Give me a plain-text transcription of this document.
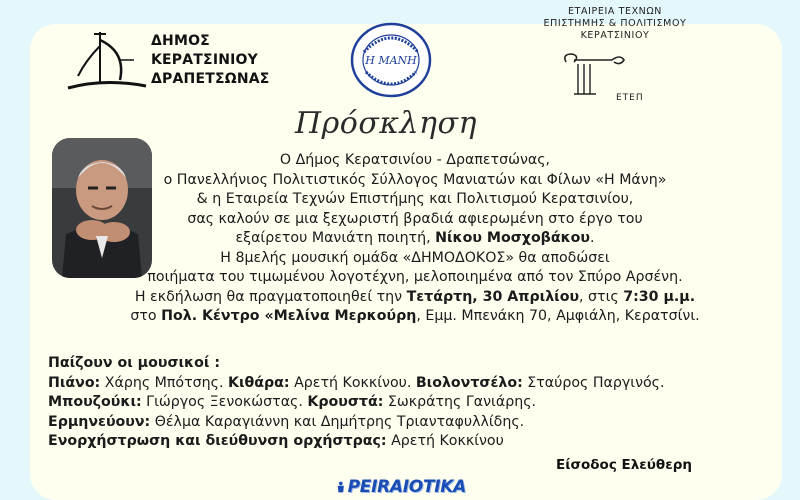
ΔΗΜΟΣ
ΚΕΡΑΤΣΙΝΙΟΥ
ΔΡΑΠΕΤΣΩΝΑΣ
Η ΜΑΝΗ
ΕΤΑΙΡΕΙΑ ΤΕΧΝΩΝ
ΕΠΙΣΤΗΜΗΣ & ΠΟΛΙΤΙΣΜΟΥ
ΚΕΡΑΤΣΙΝΙΟΥ
ΕΤΕΠ
Πρόσκληση
Ο Δήμος Κερατσινίου - Δραπετσώνας,
ο Πανελλήνιος Πολιτιστικός Σύλλογος Μανιατών και Φίλων «Η Μάνη»
& η Εταιρεία Τεχνών Επιστήμης και Πολιτισμού Κερατσινίου,
σας καλούν σε μια ξεχωριστή βραδιά αφιερωμένη στο έργο του
εξαίρετου Μανιάτη ποιητή, Νίκου Μοσχοβάκου.
Η 8μελής μουσική ομάδα «ΔΗΜΟΔΟΚΟΣ» θα αποδώσει
ποιήματα του τιμωμένου λογοτέχνη, μελοποιημένα από τον Σπύρο Αρσένη.
Η εκδήλωση θα πραγματοποιηθεί την Τετάρτη, 30 Απριλίου, στις 7:30 μ.μ.
στο Πολ. Κέντρο «Μελίνα Μερκούρη, Εμμ. Μπενάκη 70, Αμφιάλη, Κερατσίνι.
Παίζουν οι μουσικοί :
Πιάνο: Χάρης Μπότσης. Κιθάρα: Αρετή Κοκκίνου. Βιολοντσέλο: Σταύρος Παργινός.
Μπουζούκι: Γιώργος Ξενοκώστας. Κρουστά: Σωκράτης Γανιάρης.
Ερμηνεύουν: Θέλμα Καραγιάννη και Δημήτρης Τριανταφυλλίδης.
Ενορχήστρωση και διεύθυνση ορχήστρας: Αρετή Κοκκίνου
Είσοδος Ελεύθερη
PEIRAIOTIKA
